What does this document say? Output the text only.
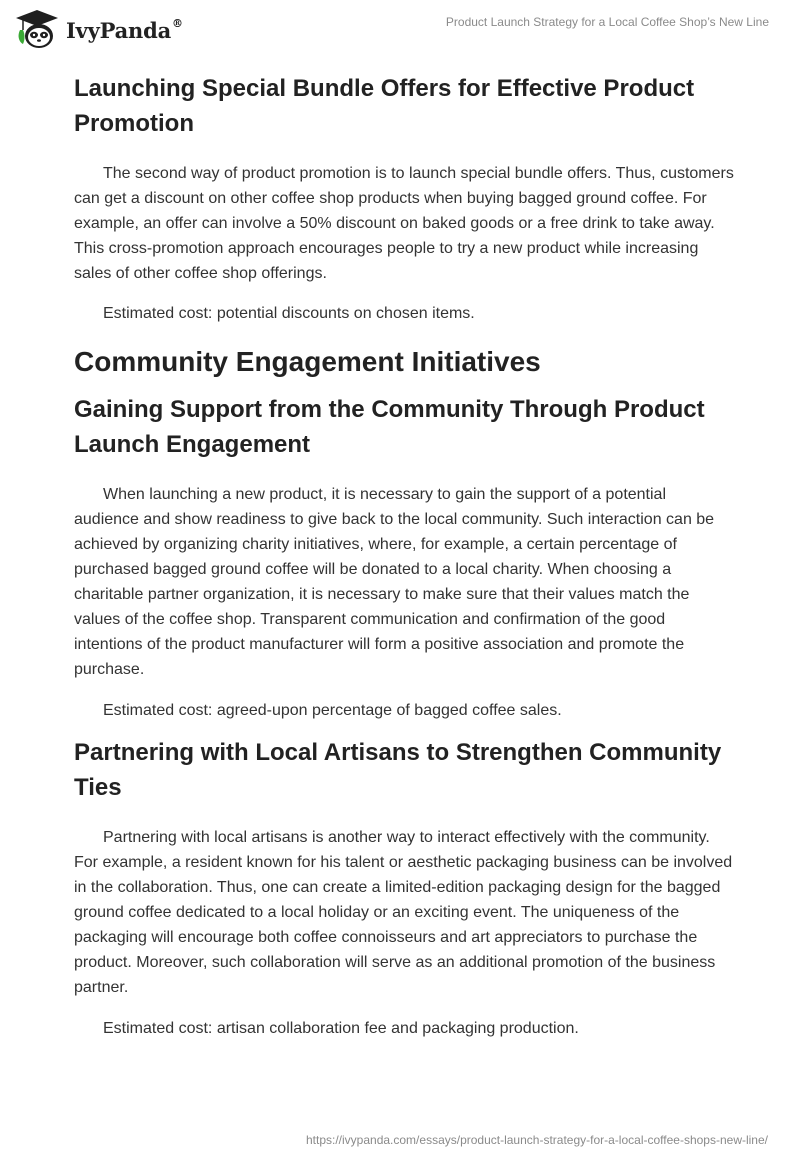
IvyPanda®	Product Launch Strategy for a Local Coffee Shop’s New Line
Launching Special Bundle Offers for Effective Product Promotion

The second way of product promotion is to launch special bundle offers. Thus, customers can get a discount on other coffee shop products when buying bagged ground coffee. For example, an offer can involve a 50% discount on baked goods or a free drink to take away. This cross-promotion approach encourages people to try a new product while increasing sales of other coffee shop offerings.

Estimated cost: potential discounts on chosen items.

Community Engagement Initiatives
Gaining Support from the Community Through Product Launch Engagement

When launching a new product, it is necessary to gain the support of a potential audience and show readiness to give back to the local community. Such interaction can be achieved by organizing charity initiatives, where, for example, a certain percentage of purchased bagged ground coffee will be donated to a local charity. When choosing a charitable partner organization, it is necessary to make sure that their values match the values of the coffee shop. Transparent communication and confirmation of the good intentions of the product manufacturer will form a positive association and promote the purchase.

Estimated cost: agreed-upon percentage of bagged coffee sales.

Partnering with Local Artisans to Strengthen Community Ties

Partnering with local artisans is another way to interact effectively with the community. For example, a resident known for his talent or aesthetic packaging business can be involved in the collaboration. Thus, one can create a limited-edition packaging design for the bagged ground coffee dedicated to a local holiday or an exciting event. The uniqueness of the packaging will encourage both coffee connoisseurs and art appreciators to purchase the product. Moreover, such collaboration will serve as an additional promotion of the business partner.

Estimated cost: artisan collaboration fee and packaging production.

https://ivypanda.com/essays/product-launch-strategy-for-a-local-coffee-shops-new-line/
